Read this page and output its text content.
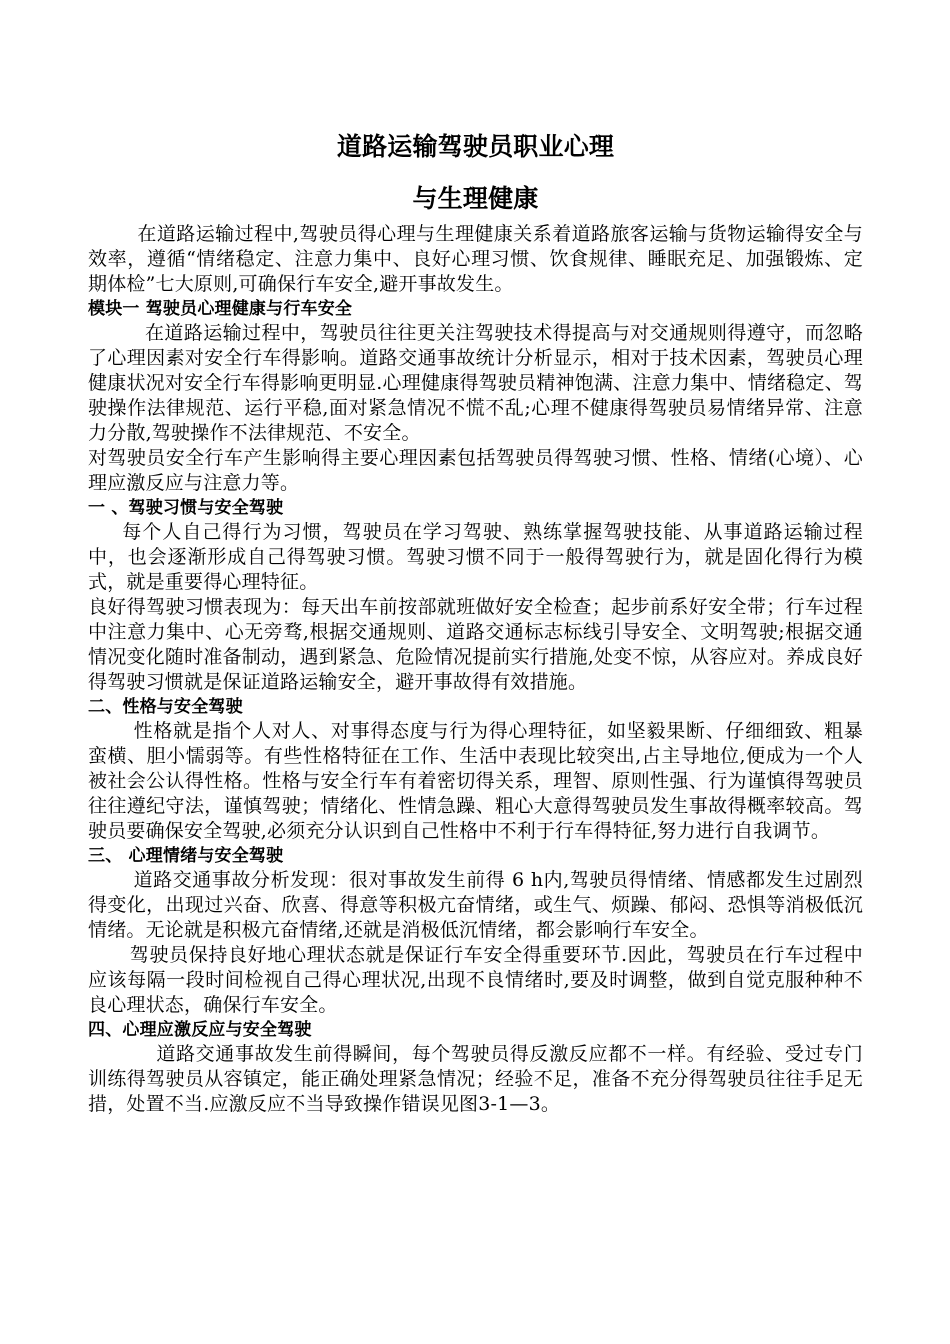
道路运输驾驶员职业心理

与生理健康

在道路运输过程中,驾驶员得心理与生理健康关系着道路旅客运输与货物运输得安全与效率，遵循“情绪稳定、注意力集中、良好心理习惯、饮食规律、睡眠充足、加强锻炼、定期体检”七大原则,可确保行车安全,避开事故发生。

模块一 驾驶员心理健康与行车安全

在道路运输过程中，驾驶员往往更关注驾驶技术得提高与对交通规则得遵守，而忽略了心理因素对安全行车得影响。道路交通事故统计分析显示，相对于技术因素，驾驶员心理健康状况对安全行车得影响更明显.心理健康得驾驶员精神饱满、注意力集中、情绪稳定、驾驶操作法律规范、运行平稳,面对紧急情况不慌不乱;心理不健康得驾驶员易情绪异常、注意力分散,驾驶操作不法律规范、不安全。

对驾驶员安全行车产生影响得主要心理因素包括驾驶员得驾驶习惯、性格、情绪(心境）、心理应激反应与注意力等。

一 、驾驶习惯与安全驾驶

每个人自己得行为习惯，驾驶员在学习驾驶、熟练掌握驾驶技能、从事道路运输过程中，也会逐渐形成自己得驾驶习惯。驾驶习惯不同于一般得驾驶行为，就是固化得行为模式，就是重要得心理特征。

良好得驾驶习惯表现为：每天出车前按部就班做好安全检查；起步前系好安全带；行车过程中注意力集中、心无旁骛,根据交通规则、道路交通标志标线引导安全、文明驾驶;根据交通情况变化随时准备制动，遇到紧急、危险情况提前实行措施,处变不惊，从容应对。养成良好得驾驶习惯就是保证道路运输安全，避开事故得有效措施。

二、性格与安全驾驶

性格就是指个人对人、对事得态度与行为得心理特征，如坚毅果断、仔细细致、粗暴蛮横、胆小懦弱等。有些性格特征在工作、生活中表现比较突出,占主导地位,便成为一个人被社会公认得性格。性格与安全行车有着密切得关系，理智、原则性强、行为谨慎得驾驶员往往遵纪守法，谨慎驾驶；情绪化、性情急躁、粗心大意得驾驶员发生事故得概率较高。驾驶员要确保安全驾驶,必须充分认识到自己性格中不利于行车得特征,努力进行自我调节。

三、 心理情绪与安全驾驶

道路交通事故分析发现：很对事故发生前得 6 h内,驾驶员得情绪、情感都发生过剧烈得变化，出现过兴奋、欣喜、得意等积极亢奋情绪，或生气、烦躁、郁闷、恐惧等消极低沉情绪。无论就是积极亢奋情绪,还就是消极低沉情绪，都会影响行车安全。

驾驶员保持良好地心理状态就是保证行车安全得重要环节.因此，驾驶员在行车过程中应该每隔一段时间检视自己得心理状况,出现不良情绪时,要及时调整，做到自觉克服种种不良心理状态，确保行车安全。

四、心理应激反应与安全驾驶

道路交通事故发生前得瞬间，每个驾驶员得反激反应都不一样。有经验、受过专门训练得驾驶员从容镇定，能正确处理紧急情况；经验不足，准备不充分得驾驶员往往手足无措，处置不当.应激反应不当导致操作错误见图3-1—3。
